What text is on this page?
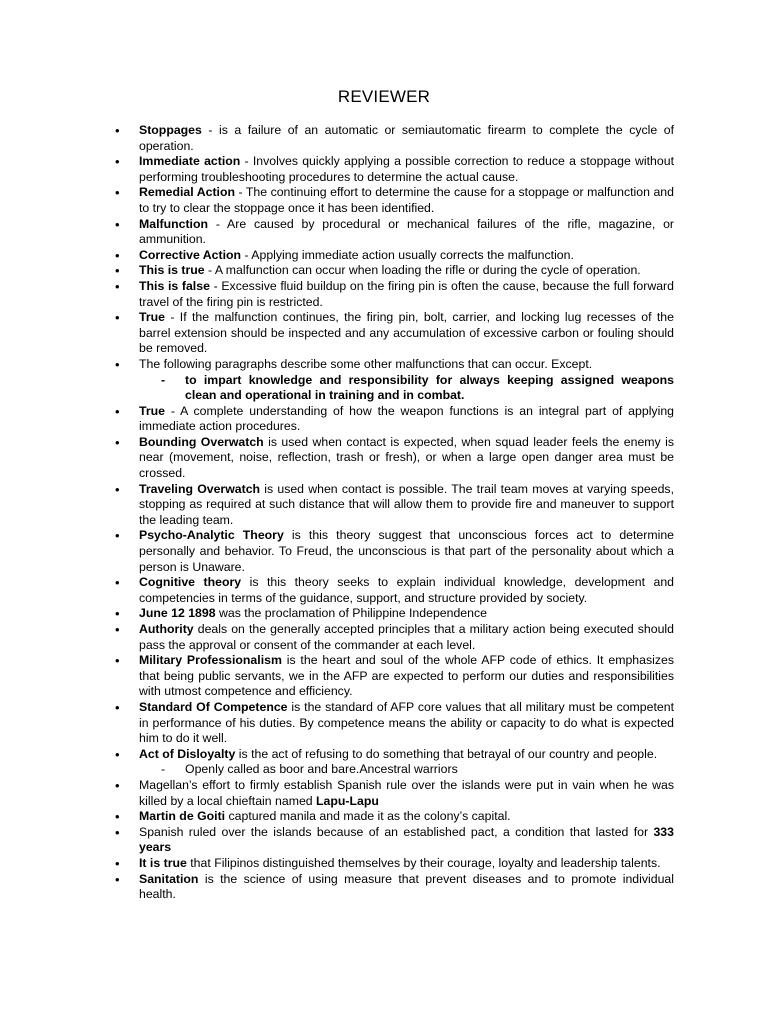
REVIEWER
• Stoppages - is a failure of an automatic or semiautomatic firearm to complete the cycle of operation.
• Immediate action - Involves quickly applying a possible correction to reduce a stoppage without performing troubleshooting procedures to determine the actual cause.
• Remedial Action - The continuing effort to determine the cause for a stoppage or malfunction and to try to clear the stoppage once it has been identified.
• Malfunction - Are caused by procedural or mechanical failures of the rifle, magazine, or ammunition.
• Corrective Action - Applying immediate action usually corrects the malfunction.
• This is true - A malfunction can occur when loading the rifle or during the cycle of operation.
• This is false - Excessive fluid buildup on the firing pin is often the cause, because the full forward travel of the firing pin is restricted.
• True - If the malfunction continues, the firing pin, bolt, carrier, and locking lug recesses of the barrel extension should be inspected and any accumulation of excessive carbon or fouling should be removed.
• The following paragraphs describe some other malfunctions that can occur. Except.
- to impart knowledge and responsibility for always keeping assigned weapons clean and operational in training and in combat.
• True - A complete understanding of how the weapon functions is an integral part of applying immediate action procedures.
• Bounding Overwatch is used when contact is expected, when squad leader feels the enemy is near (movement, noise, reflection, trash or fresh), or when a large open danger area must be crossed.
• Traveling Overwatch is used when contact is possible. The trail team moves at varying speeds, stopping as required at such distance that will allow them to provide fire and maneuver to support the leading team.
• Psycho-Analytic Theory is this theory suggest that unconscious forces act to determine personally and behavior. To Freud, the unconscious is that part of the personality about which a person is Unaware.
• Cognitive theory is this theory seeks to explain individual knowledge, development and competencies in terms of the guidance, support, and structure provided by society.
• June 12 1898 was the proclamation of Philippine Independence
• Authority deals on the generally accepted principles that a military action being executed should pass the approval or consent of the commander at each level.
• Military Professionalism is the heart and soul of the whole AFP code of ethics. It emphasizes that being public servants, we in the AFP are expected to perform our duties and responsibilities with utmost competence and efficiency.
• Standard Of Competence is the standard of AFP core values that all military must be competent in performance of his duties. By competence means the ability or capacity to do what is expected him to do it well.
• Act of Disloyalty is the act of refusing to do something that betrayal of our country and people.
- Openly called as boor and bare.Ancestral warriors
• Magellan’s effort to firmly establish Spanish rule over the islands were put in vain when he was killed by a local chieftain named Lapu-Lapu
• Martin de Goiti captured manila and made it as the colony’s capital.
• Spanish ruled over the islands because of an established pact, a condition that lasted for 333 years
• It is true that Filipinos distinguished themselves by their courage, loyalty and leadership talents.
• Sanitation is the science of using measure that prevent diseases and to promote individual health.
